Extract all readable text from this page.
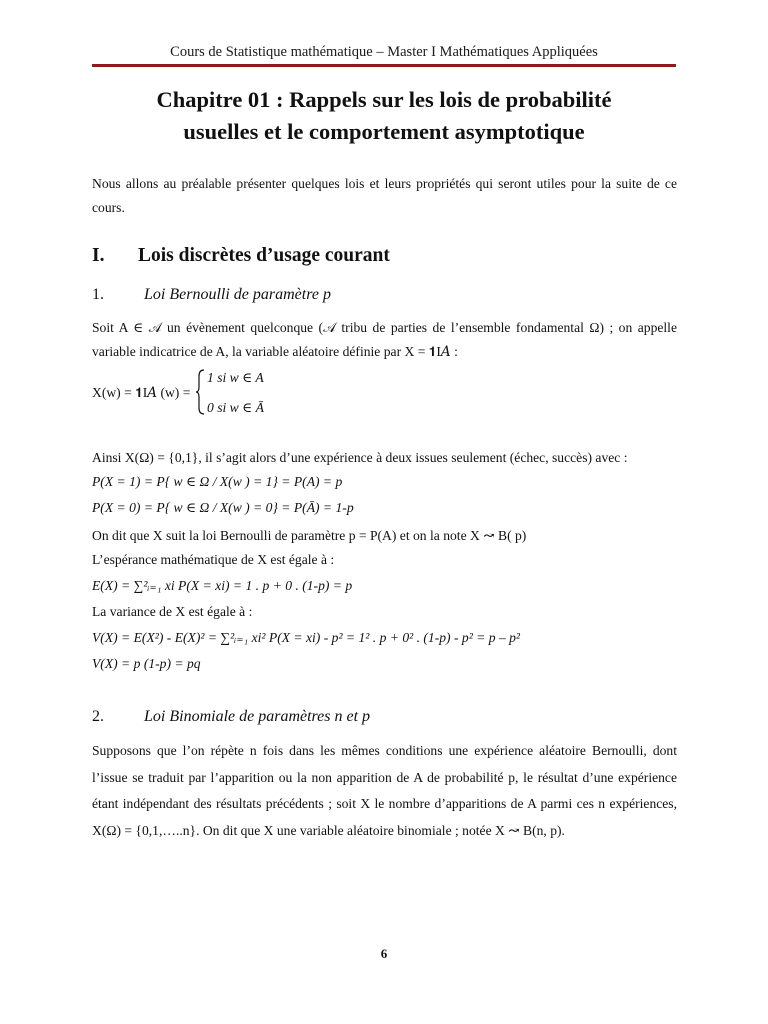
Cours de Statistique mathématique – Master I Mathématiques Appliquées
Chapitre 01 : Rappels sur les lois de probabilité
usuelles et le comportement asymptotique
Nous allons au préalable présenter quelques lois et leurs propriétés qui seront utiles pour la suite de ce cours.
I. Lois discrètes d’usage courant
1.	Loi Bernoulli de paramètre p
Soit A ∈ 𝒜 un évènement quelconque (𝒜 tribu de parties de l’ensemble fondamental Ω) ; on appelle variable indicatrice de A, la variable aléatoire définie par X = 𝟏I𝐴 :
X(w) = 𝟏I𝐴 (w) =
1 si w ∈ A
0 si w ∈ Ā
Ainsi X(Ω) = {0,1}, il s’agit alors d’une expérience à deux issues seulement (échec, succès) avec :
P(X = 1) = P{ w ∈ Ω / X(w ) = 1} = P(A) = p
P(X = 0) = P{ w ∈ Ω / X(w ) = 0} = P(Ā) = 1-p
On dit que X suit la loi Bernoulli de paramètre p = P(A) et on la note X ↝ B( p)
L’espérance mathématique de X est égale à :
E(X) = ∑²ᵢ₌₁ xi P(X = xi) = 1 . p + 0 . (1-p) = p
La variance de X est égale à :
V(X) = E(X²) - E(X)² = ∑²ᵢ₌₁ xi² P(X = xi) - p² = 1² . p + 0² . (1-p) - p² = p – p²
V(X) = p (1-p) = pq
2.	Loi Binomiale de paramètres n et p
Supposons que l’on répète n fois dans les mêmes conditions une expérience aléatoire Bernoulli, dont l’issue se traduit par l’apparition ou la non apparition de A de probabilité p, le résultat d’une expérience étant indépendant des résultats précédents ; soit X le nombre d’apparitions de A parmi ces n expériences, X(Ω) = {0,1,…..n}. On dit que X une variable aléatoire binomiale ; notée X ↝ B(n, p).
6
